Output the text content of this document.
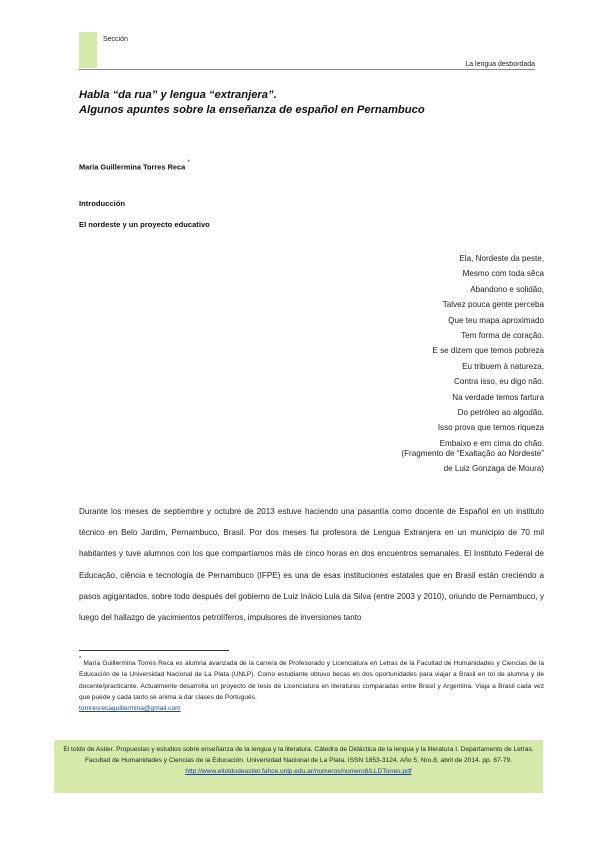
Sección
La lengua desbordada
Habla “da rua” y lengua “extranjera”.
Algunos apuntes sobre la enseñanza de español en Pernambuco
María Guillermina Torres Reca *
Introducción
El nordeste y un proyecto educativo
Ela, Nordeste da peste,
Mesmo com toda sêca
Abandono e solidão,
Talvez pouca gente perceba
Que teu mapa aproximado
Tem forma de coração.
E se dizem que temos pobreza
Eu tribuem à natureza,
Contra isso, eu digo não.
Na verdade temos fartura
Do petróleo ao algodão.
Isso prova que temos riqueza
Embaixo e em cima do chão.
(Fragmento de “Exaltação ao Nordeste”
de Luiz Gonzaga de Moura)
Durante los meses de septiembre y octubre de 2013 estuve haciendo una pasantía como docente de Español en un instituto técnico en Belo Jardim, Pernambuco, Brasil. Por dos meses fui profesora de Lengua Extranjera en un municipio de 70 mil habitantes y tuve alumnos con los que compartíamos más de cinco horas en dos encuentros semanales. El Instituto Federal de Educação, ciência e tecnologia de Pernambuco (IFPE) es una de esas instituciones estatales que en Brasil están creciendo a pasos agigantados, sobre todo después del gobierno de Luiz Inácio Lula da Silva (entre 2003 y 2010), oriundo de Pernambuco, y luego del hallazgo de yacimientos petrolíferos, impulsores de inversiones tanto
* María Guillermina Torres Reca es alumna avanzada de la carrera de Profesorado y Licenciatura en Letras de la Facultad de Humanidades y Ciencias de la Educación de la Universidad Nacional de La Plata (UNLP). Como estudiante obtuvo becas en dos oportunidades para viajar a Brasil en rol de alumna y de docente/practicante. Actualmente desarrolla un proyecto de tesis de Licenciatura en literaturas comparadas entre Brasil y Argentina. Viaja a Brasil cada vez que puede y cada tanto se anima a dar clases de Portugués.
tomresrecaguillermina@gmail.com
El toldo de Astier. Propuestas y estudios sobre enseñanza de la lengua y la literatura. Cátedra de Didáctica de la lengua y la literatura I. Departamento de Letras. Facultad de Humanidades y Ciencias de la Educación. Universidad Nacional de La Plata. ISSN 1853-3124. Año 5, Nro.8, abril de 2014. pp. 67-79.
http://www.eltoldodeastier.fahce.unlp.edu.ar/numeros/numero8/LLDTorres.pdf
